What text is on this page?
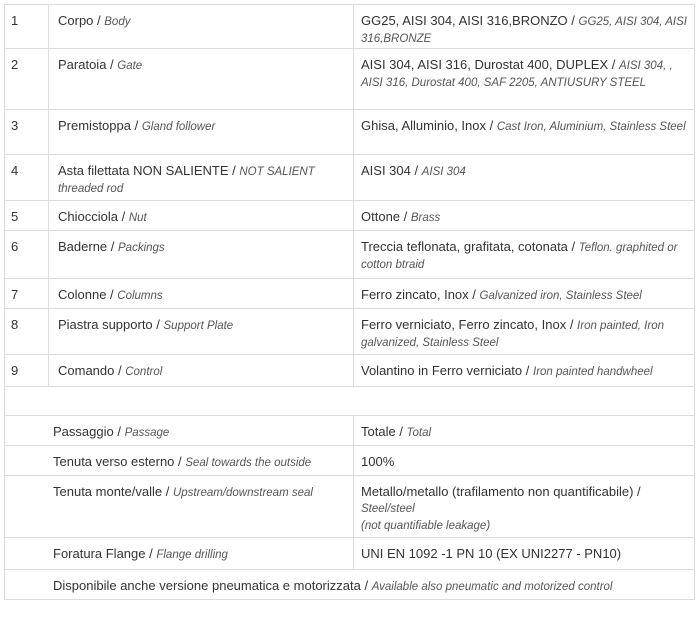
1	Corpo / Body	GG25, AISI 304, AISI 316,BRONZO / GG25, AISI 304, AISI 316,BRONZE
2	Paratoia / Gate	AISI 304, AISI 316, Durostat 400, DUPLEX / AISI 304, , AISI 316, Durostat 400, SAF 2205, ANTIUSURY STEEL
3	Premistoppa / Gland follower	Ghisa, Alluminio, Inox / Cast Iron, Aluminium, Stainless Steel
4	Asta filettata NON SALIENTE / NOT SALIENT threaded rod	AISI 304 / AISI 304
5	Chiocciola / Nut	Ottone / Brass
6	Baderne / Packings	Treccia teflonata, grafitata, cotonata / Teflon. graphited or cotton btraid
7	Colonne / Columns	Ferro zincato, Inox / Galvanized iron, Stainless Steel
8	Piastra supporto / Support Plate	Ferro verniciato, Ferro zincato, Inox / Iron painted, Iron galvanized, Stainless Steel
9	Comando / Control	Volantino in Ferro verniciato / Iron painted handwheel

Passaggio / Passage		Totale / Total
Tenuta verso esterno / Seal towards the outside		100%
Tenuta monte/valle / Upstream/downstream seal		Metallo/metallo (trafilamento non quantificabile) /
Steel/steel
(not quantifiable leakage)
Foratura Flange / Flange drilling		UNI EN 1092 -1 PN 10 (EX UNI2277 - PN10)
Disponibile anche versione pneumatica e motorizzata / Available also pneumatic and motorized control		
